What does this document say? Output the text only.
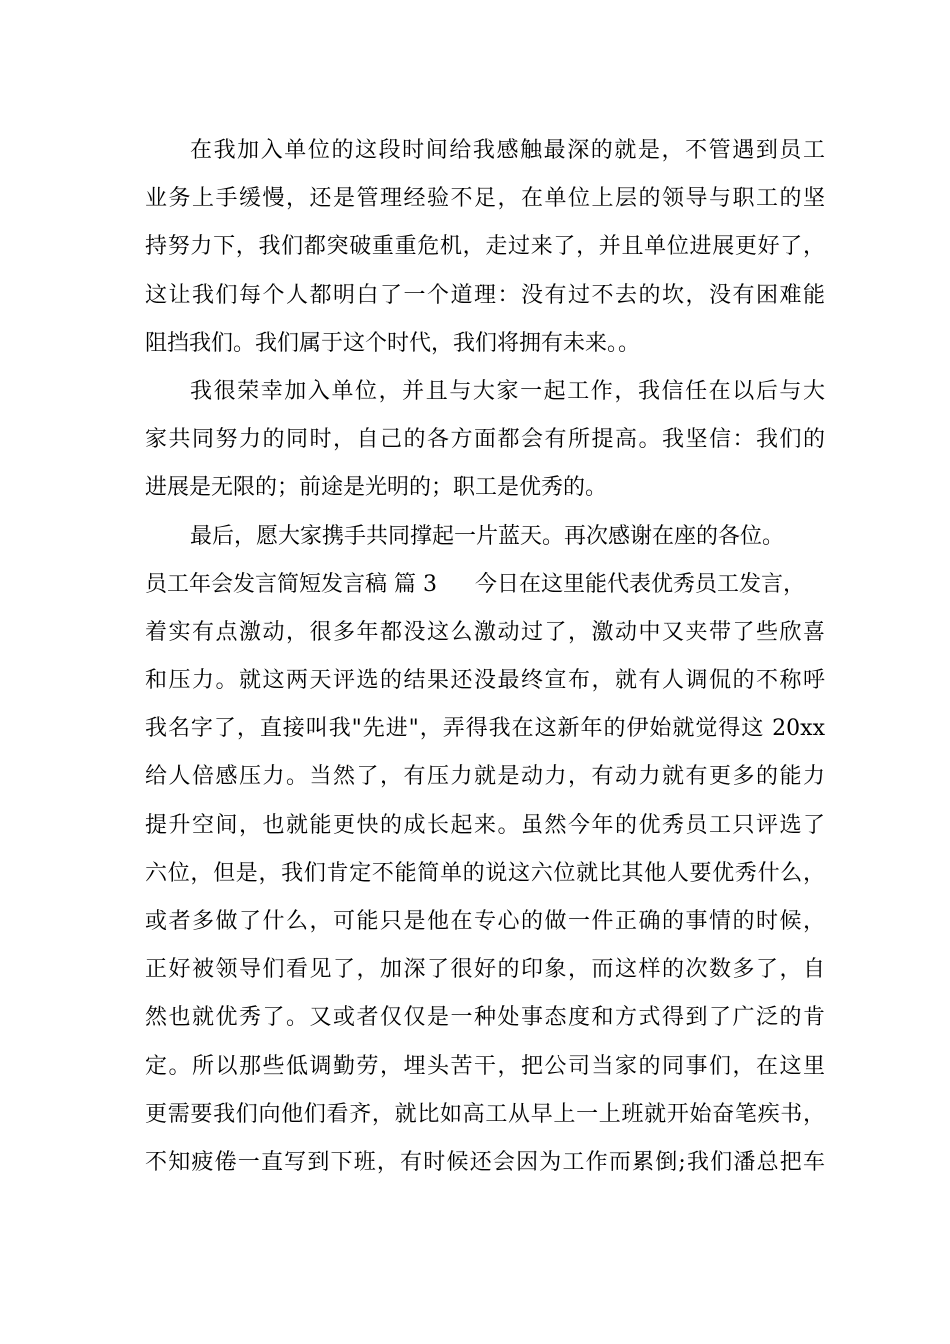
在我加入单位的这段时间给我感触最深的就是，不管遇到员工
业务上手缓慢，还是管理经验不足，在单位上层的领导与职工的坚
持努力下，我们都突破重重危机，走过来了，并且单位进展更好了，
这让我们每个人都明白了一个道理：没有过不去的坎，没有困难能
阻挡我们。我们属于这个时代，我们将拥有未来。。
我很荣幸加入单位，并且与大家一起工作，我信任在以后与大
家共同努力的同时，自己的各方面都会有所提高。我坚信：我们的
进展是无限的；前途是光明的；职工是优秀的。
最后，愿大家携手共同撑起一片蓝天。再次感谢在座的各位。
员工年会发言简短发言稿 篇 3 今日在这里能代表优秀员工发言，
着实有点激动，很多年都没这么激动过了，激动中又夹带了些欣喜
和压力。就这两天评选的结果还没最终宣布，就有人调侃的不称呼
我名字了，直接叫我"先进"，弄得我在这新年的伊始就觉得这 20xx
给人倍感压力。当然了，有压力就是动力，有动力就有更多的能力
提升空间，也就能更快的成长起来。虽然今年的优秀员工只评选了
六位，但是，我们肯定不能简单的说这六位就比其他人要优秀什么，
或者多做了什么，可能只是他在专心的做一件正确的事情的时候，
正好被领导们看见了，加深了很好的印象，而这样的次数多了，自
然也就优秀了。又或者仅仅是一种处事态度和方式得到了广泛的肯
定。所以那些低调勤劳，埋头苦干，把公司当家的同事们，在这里
更需要我们向他们看齐，就比如高工从早上一上班就开始奋笔疾书，
不知疲倦一直写到下班，有时候还会因为工作而累倒;我们潘总把车
